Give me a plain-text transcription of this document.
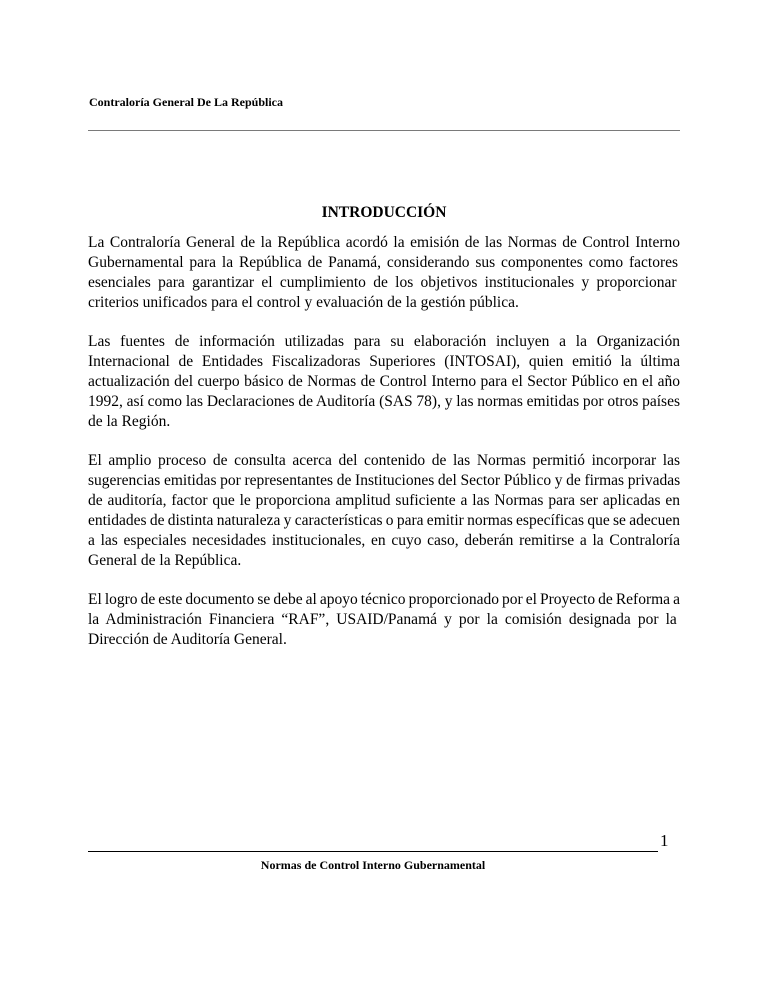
Contraloría General De La República
INTRODUCCIÓN
La Contraloría General de la República acordó la emisión de las Normas de Control Interno
Gubernamental para la República de Panamá, considerando sus componentes como factores
esenciales para garantizar el cumplimiento de los objetivos institucionales y proporcionar
criterios unificados para el control y evaluación de la gestión pública.
Las fuentes de información utilizadas para su elaboración incluyen a la Organización
Internacional de Entidades Fiscalizadoras Superiores (INTOSAI), quien emitió la última
actualización del cuerpo básico de Normas de Control Interno para el Sector Público en el año
1992, así como las Declaraciones de Auditoría (SAS 78), y las normas emitidas por otros países
de la Región.
El amplio proceso de consulta acerca del contenido de las Normas permitió incorporar las
sugerencias emitidas por representantes de Instituciones del Sector Público y de firmas privadas
de auditoría, factor que le proporciona amplitud suficiente a las Normas para ser aplicadas en
entidades de distinta naturaleza y características o para emitir normas específicas que se adecuen
a las especiales necesidades institucionales, en cuyo caso, deberán remitirse a la Contraloría
General de la República.
El logro de este documento se debe al apoyo técnico proporcionado por el Proyecto de Reforma a
la Administración Financiera “RAF”, USAID/Panamá y por la comisión designada por la
Dirección de Auditoría General.
1
Normas de Control Interno Gubernamental
